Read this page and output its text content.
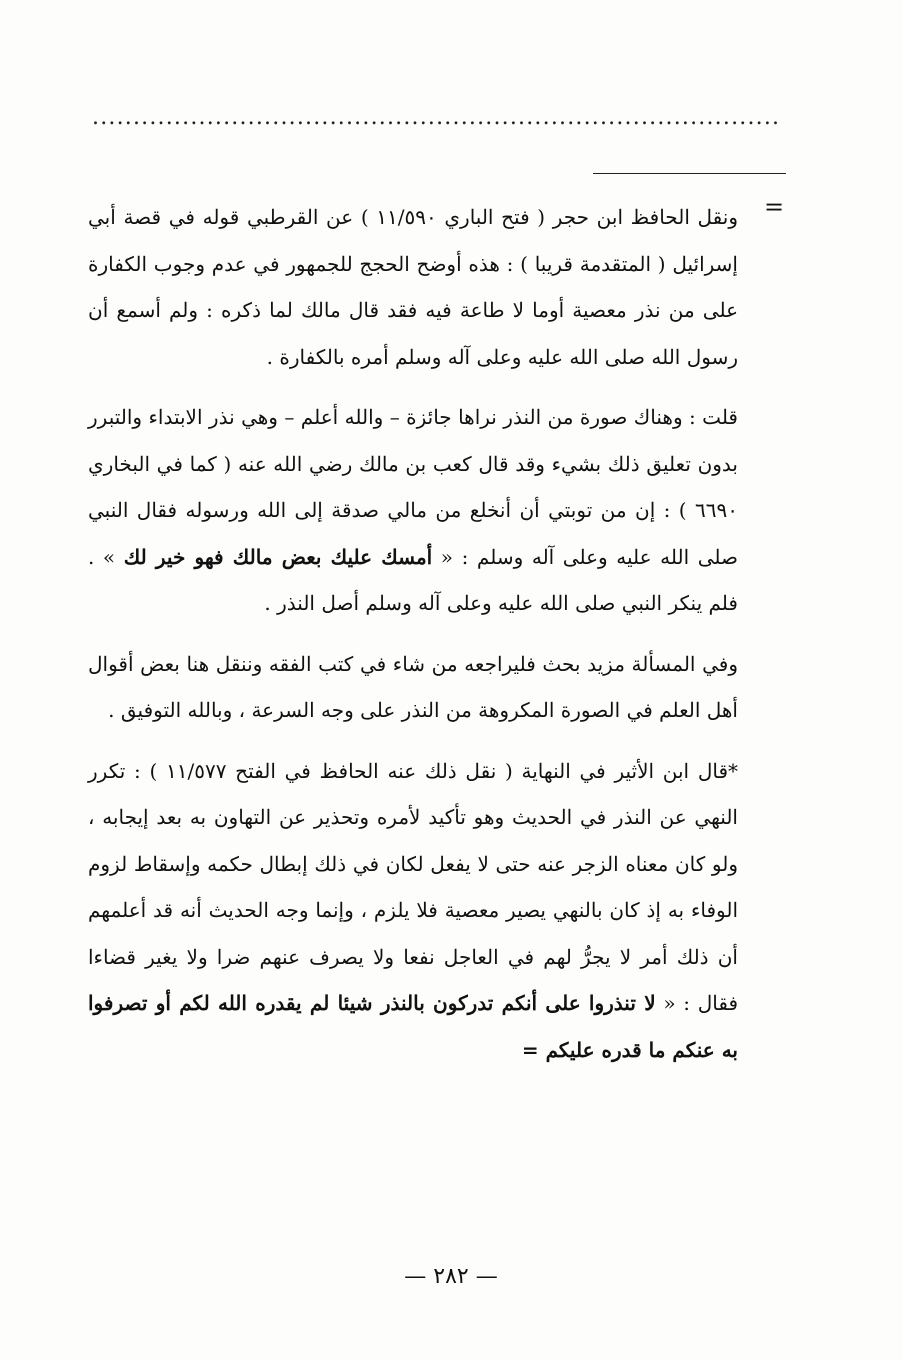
....................................................................................
=

ونقل الحافظ ابن حجر ( فتح الباري ١١/٥٩٠ ) عن القرطبي قوله في قصة أبي إسرائيل ( المتقدمة قريبا ) : هذه أوضح الحجج للجمهور في عدم وجوب الكفارة على من نذر معصية أوما لا طاعة فيه فقد قال مالك لما ذكره : ولم أسمع أن رسول الله صلى الله عليه وعلى آله وسلم أمره بالكفارة .

قلت : وهناك صورة من النذر نراها جائزة – والله أعلم – وهي نذر الابتداء والتبرر بدون تعليق ذلك بشيء وقد قال كعب بن مالك رضي الله عنه ( كما في البخاري ٦٦٩٠ ) : إن من توبتي أن أنخلع من مالي صدقة إلى الله ورسوله فقال النبي صلى الله عليه وعلى آله وسلم : « أمسك عليك بعض مالك فهو خير لك » . فلم ينكر النبي صلى الله عليه وعلى آله وسلم أصل النذر .

وفي المسألة مزيد بحث فليراجعه من شاء في كتب الفقه وننقل هنا بعض أقوال أهل العلم في الصورة المكروهة من النذر على وجه السرعة ، وبالله التوفيق .

*قال ابن الأثير في النهاية ( نقل ذلك عنه الحافظ في الفتح ١١/٥٧٧ ) : تكرر النهي عن النذر في الحديث وهو تأكيد لأمره وتحذير عن التهاون به بعد إيجابه ، ولو كان معناه الزجر عنه حتى لا يفعل لكان في ذلك إبطال حكمه وإسقاط لزوم الوفاء به إذ كان بالنهي يصير معصية فلا يلزم ، وإنما وجه الحديث أنه قد أعلمهم أن ذلك أمر لا يجرُّ لهم في العاجل نفعا ولا يصرف عنهم ضرا ولا يغير قضاءا فقال : « لا تنذروا على أنكم تدركون بالنذر شيئا لم يقدره الله لكم أو تصرفوا به عنكم ما قدره عليكم =

— ٢٨٢ —
